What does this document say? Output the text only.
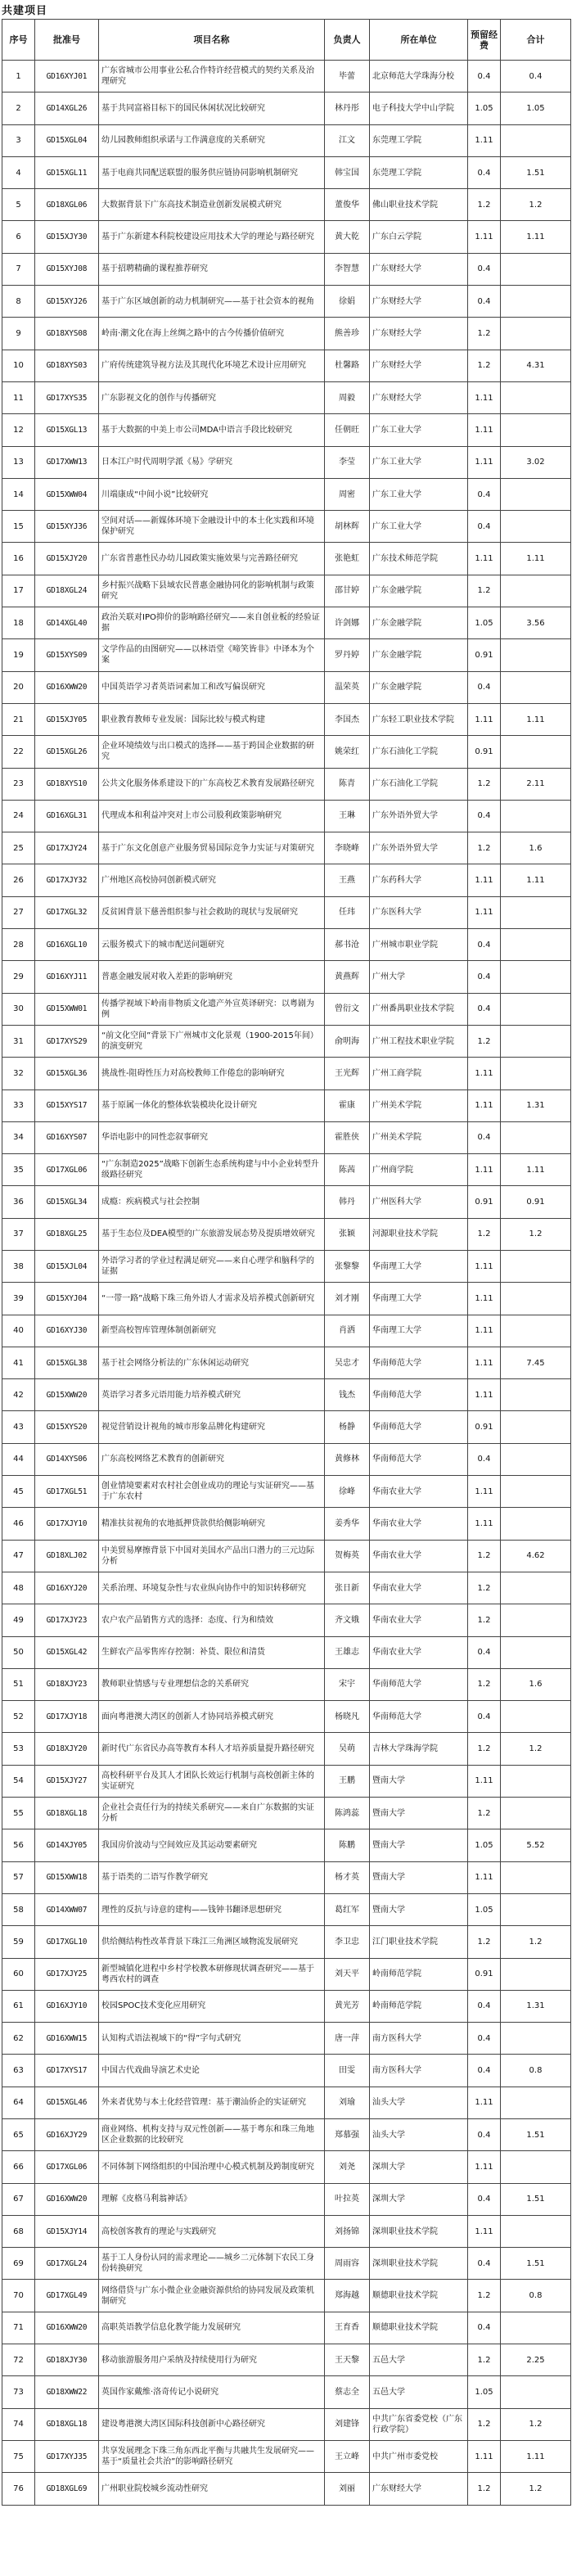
共建项目
序号	批准号	项目名称	负责人	所在单位	预留经费	合计
1	GD16XYJ01	广东省城市公用事业公私合作特许经营模式的契约关系及治理研究	毕蕾	北京师范大学珠海分校	0.4	0.4
2	GD14XGL26	基于共同富裕目标下的国民休闲状况比较研究	林丹彤	电子科技大学中山学院	1.05	1.05
3	GD15XGL04	幼儿园教师组织承诺与工作满意度的关系研究	江文	东莞理工学院	1.11	
4	GD15XGL11	基于电商共同配送联盟的服务供应链协同影响机制研究	韩宝国	东莞理工学院	0.4	1.51
5	GD18XGL06	大数据背景下广东高技术制造业创新发展模式研究	董俊华	佛山职业技术学院	1.2	1.2
6	GD15XJY30	基于广东新建本科院校建设应用技术大学的理论与路径研究	黄大乾	广东白云学院	1.11	1.11
7	GD15XYJ08	基于招聘精确的课程推荐研究	李智慧	广东财经大学	0.4	
8	GD15XYJ26	基于广东区域创新的动力机制研究——基于社会资本的视角	徐娟	广东财经大学	0.4	
9	GD18XYS08	岭南·潮文化在海上丝绸之路中的古今传播价值研究	熊善珍	广东财经大学	1.2	
10	GD18XYS03	广府传统建筑导视方法及其现代化环境艺术设计应用研究	杜馨路	广东财经大学	1.2	4.31
11	GD17XYS35	广东影视文化的创作与传播研究	周毅	广东财经大学	1.11	
12	GD15XGL13	基于大数据的中美上市公司MDA中语言手段比较研究	任朝旺	广东工业大学	1.11	
13	GD17XWW13	日本江户时代周明学派《易》学研究	李莹	广东工业大学	1.11	3.02
14	GD15XWW04	川端康成“中间小说”比较研究	周密	广东工业大学	0.4	
15	GD15XYJ36	空间对话——新媒体环境下金融设计中的本土化实践和环境保护研究	胡林辉	广东工业大学	0.4	
16	GD15XJY20	广东省普惠性民办幼儿园政策实施效果与完善路径研究	张艳虹	广东技术师范学院	1.11	1.11
17	GD18XGL24	乡村振兴战略下县域农民普惠金融协同化的影响机制与政策研究	邵甘婷	广东金融学院	1.2	
18	GD14XGL40	政治关联对IPO抑价的影响路径研究——来自创业板的经验证据	许剑娜	广东金融学院	1.05	3.56
19	GD15XYS09	文学作品的由图研究——以林语堂《啼笑皆非》中译本为个案	罗丹婷	广东金融学院	0.91	
20	GD16XWW20	中国英语学习者英语词素加工和改写偏误研究	温荣英	广东金融学院	0.4	
21	GD15XJY05	职业教育教师专业发展：国际比较与模式构建	李国杰	广东轻工职业技术学院	1.11	1.11
22	GD15XGL26	企业环境绩效与出口模式的选择——基于跨国企业数据的研究	姚荣红	广东石油化工学院	0.91	
23	GD18XYS10	公共文化服务体系建设下的广东高校艺术教育发展路径研究	陈青	广东石油化工学院	1.2	2.11
24	GD16XGL31	代理成本和利益冲突对上市公司股利政策影响研究	王琳	广东外语外贸大学	0.4	
25	GD17XJY24	基于广东文化创意产业服务贸易国际竞争力实证与对策研究	李晓峰	广东外语外贸大学	1.2	1.6
26	GD17XJY32	广州地区高校协同创新模式研究	王燕	广东药科大学	1.11	1.11
27	GD17XGL32	反贫困背景下慈善组织参与社会救助的现状与发展研究	任玮	广东医科大学	1.11	
28	GD16XGL10	云服务模式下的城市配送问题研究	郝书沧	广州城市职业学院	0.4	
29	GD16XYJ11	普惠金融发展对收入差距的影响研究	黄燕辉	广州大学	0.4	
30	GD15XWW01	传播学视域下岭南非物质文化遗产外宣英译研究：以粤剧为例	曾衍文	广州番禺职业技术学院	0.4	
31	GD17XYS29	“前文化空间”背景下广州城市文化景观（1900-2015年间）的演变研究	俞明海	广州工程技术职业学院	1.2	
32	GD15XGL36	挑战性-阻碍性压力对高校教师工作倦怠的影响研究	王光辉	广州工商学院	1.11	
33	GD15XYS17	基于原属一体化的整体软装模块化设计研究	霍康	广州美术学院	1.11	1.31
34	GD16XYS07	华语电影中的同性恋叙事研究	霍胜侠	广州美术学院	0.4	
35	GD17XGL06	“广东制造2025”战略下创新生态系统构建与中小企业转型升级路径研究	陈茜	广州商学院	1.11	1.11
36	GD15XGL34	成瘾：疾病模式与社会控制	韩丹	广州医科大学	0.91	0.91
37	GD18XGL25	基于生态位及DEA模型的广东旅游发展态势及提质增效研究	张颖	河源职业技术学院	1.2	1.2
38	GD15XJL04	外语学习者的学业过程满足研究——来自心理学和脑科学的证据	张黎黎	华南理工大学	1.11	
39	GD15XYJ04	“一带一路”战略下珠三角外语人才需求及培养模式创新研究	刘才刚	华南理工大学	1.11	
40	GD16XYJ30	新型高校智库管理体制创新研究	肖洒	华南理工大学	1.11	
41	GD15XGL38	基于社会网络分析法的广东休闲运动研究	吴忠才	华南师范大学	1.11	7.45
42	GD15XWW20	英语学习者多元语用能力培养模式研究	钱杰	华南师范大学	1.11	
43	GD15XYS20	视觉营销设计视角的城市形象品牌化构建研究	杨静	华南师范大学	0.91	
44	GD14XYS06	广东高校网络艺术教育的创新研究	黄修林	华南师范大学	0.4	
45	GD17XGL51	创业情境要素对农村社会创业成功的理论与实证研究——基于广东农村	徐峰	华南农业大学	1.11	
46	GD17XJY10	精准扶贫视角的农地抵押贷款供给侧影响研究	姜秀华	华南农业大学	1.11	
47	GD18XLJ02	中美贸易摩擦背景下中国对美国水产品出口潜力的三元边际分析	贺梅英	华南农业大学	1.2	4.62
48	GD16XYJ20	关系治理、环境复杂性与农业纵向协作中的知识转移研究	张日新	华南农业大学	1.2	
49	GD17XJY23	农户农产品销售方式的选择：态度、行为和绩效	齐文娥	华南农业大学	1.2	
50	GD15XGL42	生鲜农产品零售库存控制：补货、限位和清货	王雄志	华南农业大学	0.4	
51	GD18XJY23	教师职业情感与专业理想信念的关系研究	宋宇	华南师范大学	1.2	1.6
52	GD17XJY18	面向粤港澳大湾区的创新人才协同培养模式研究	杨晓凡	华南师范大学	0.4	
53	GD18XJY20	新时代广东省民办高等教育本科人才培养质量提升路径研究	吴萌	吉林大学珠海学院	1.2	1.2
54	GD15XJY27	高校科研平台及其人才团队长效运行机制与高校创新主体的实证研究	王鹏	暨南大学	1.11	
55	GD18XGL18	企业社会责任行为的持续关系研究——来自广东数据的实证分析	陈鸿蕊	暨南大学	1.2	
56	GD14XJY05	我国房价波动与空间效应及其运动要素研究	陈鹏	暨南大学	1.05	5.52
57	GD15XWW18	基于语类的二语写作教学研究	杨才英	暨南大学	1.11	
58	GD14XWW07	理性的反抗与诗意的建构——钱钟书翻译思想研究	葛红军	暨南大学	1.05	
59	GD17XGL10	供给侧结构性改革背景下珠江三角洲区域物流发展研究	李卫忠	江门职业技术学院	1.2	1.2
60	GD17XJY25	新型城镇化进程中乡村学校教本研修现状调查研究——基于粤西农村的调查	刘天平	岭南师范学院	0.91	
61	GD16XJY10	校园SPOC技术变化应用研究	黄光芳	岭南师范学院	0.4	1.31
62	GD16XWW15	认知构式语法视域下的“得”字句式研究	唐一萍	南方医科大学	0.4	
63	GD17XYS17	中国古代戏曲导演艺术史论	田雯	南方医科大学	0.4	0.8
64	GD15XGL46	外来者优势与本土化经营管理：基于潮汕侨企的实证研究	刘瑜	汕头大学	1.11	
65	GD16XJY29	商业网络、机构支持与双元性创新——基于粤东和珠三角地区企业数据的比较研究	郑慕强	汕头大学	0.4	1.51
66	GD17XGL06	不同体制下网络组织的中国治理中心模式机制及跨制度研究	刘尧	深圳大学	1.11	
67	GD16XWW20	理解《皮格马利翁神话》	叶拉英	深圳大学	0.4	1.51
68	GD15XJY14	高校创客教育的理论与实践研究	刘扬锦	深圳职业技术学院	1.11	
69	GD17XGL24	基于工人身份认同的需求理论——城乡二元体制下农民工身份转换研究	周雨容	深圳职业技术学院	0.4	1.51
70	GD17XGL49	网络借贷与广东小微企业金融资源供给的协同发展及政策机制研究	郑海越	顺德职业技术学院	1.2	0.8
71	GD16XWW20	高职英语教学信息化教学能力发展研究	王育香	顺德职业技术学院	0.4	
72	GD18XJY30	移动旅游服务用户采纳及持续使用行为研究	王天黎	五邑大学	1.2	2.25
73	GD18XWW22	英国作家戴维·洛奇传记小说研究	蔡志全	五邑大学	1.05	
74	GD18XGL18	建设粤港澳大湾区国际科技创新中心路径研究	刘建锋	中共广东省委党校（广东行政学院）	1.2	1.2
75	GD17XYJ35	共享发展理念下珠三角东西北平衡与共融共生发展研究——基于“质量社会共治”的影响路径研究	王立峰	中共广州市委党校	1.11	1.11
76	GD18XGL69	广州职业院校城乡流动性研究	刘丽	广东财经大学	1.2	1.2
